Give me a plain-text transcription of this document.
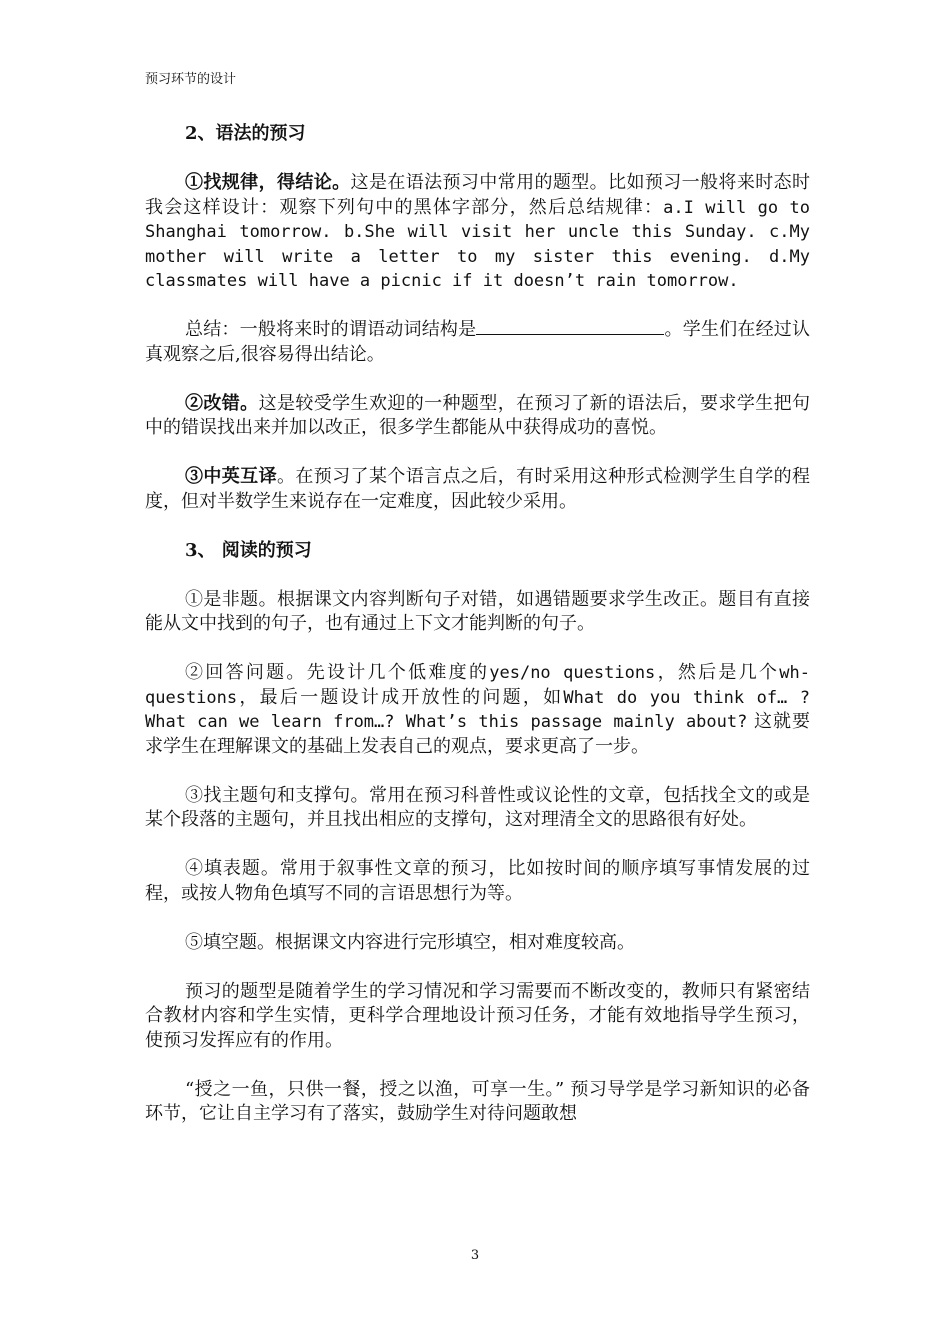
预习环节的设计

2、语法的预习

①找规律，得结论。这是在语法预习中常用的题型。比如预习一般将来时态时我会这样设计：观察下列句中的黑体字部分，然后总结规律：a.I will go to Shanghai tomorrow. b.She will visit her uncle this Sunday. c.My mother will write a letter to my sister this evening. d.My classmates will have a picnic if it doesn’t rain tomorrow.

总结：一般将来时的谓语动词结构是	。学生们在经过认真观察之后,很容易得出结论。

②改错。这是较受学生欢迎的一种题型，在预习了新的语法后，要求学生把句中的错误找出来并加以改正，很多学生都能从中获得成功的喜悦。

③中英互译。在预习了某个语言点之后，有时采用这种形式检测学生自学的程度，但对半数学生来说存在一定难度，因此较少采用。

3、 阅读的预习

①是非题。根据课文内容判断句子对错，如遇错题要求学生改正。题目有直接能从文中找到的句子，也有通过上下文才能判断的句子。

②回答问题。先设计几个低难度的yes/no questions，然后是几个wh- questions，最后一题设计成开放性的问题，如What do you think of… ? What can we learn from…? What’s this passage mainly about? 这就要求学生在理解课文的基础上发表自己的观点，要求更高了一步。

③找主题句和支撑句。常用在预习科普性或议论性的文章，包括找全文的或是某个段落的主题句，并且找出相应的支撑句，这对理清全文的思路很有好处。

④填表题。常用于叙事性文章的预习，比如按时间的顺序填写事情发展的过程，或按人物角色填写不同的言语思想行为等。

⑤填空题。根据课文内容进行完形填空，相对难度较高。

预习的题型是随着学生的学习情况和学习需要而不断改变的，教师只有紧密结合教材内容和学生实情，更科学合理地设计预习任务，才能有效地指导学生预习，使预习发挥应有的作用。

“授之一鱼，只供一餐，授之以渔，可享一生。” 预习导学是学习新知识的必备环节，它让自主学习有了落实，鼓励学生对待问题敢想

3
